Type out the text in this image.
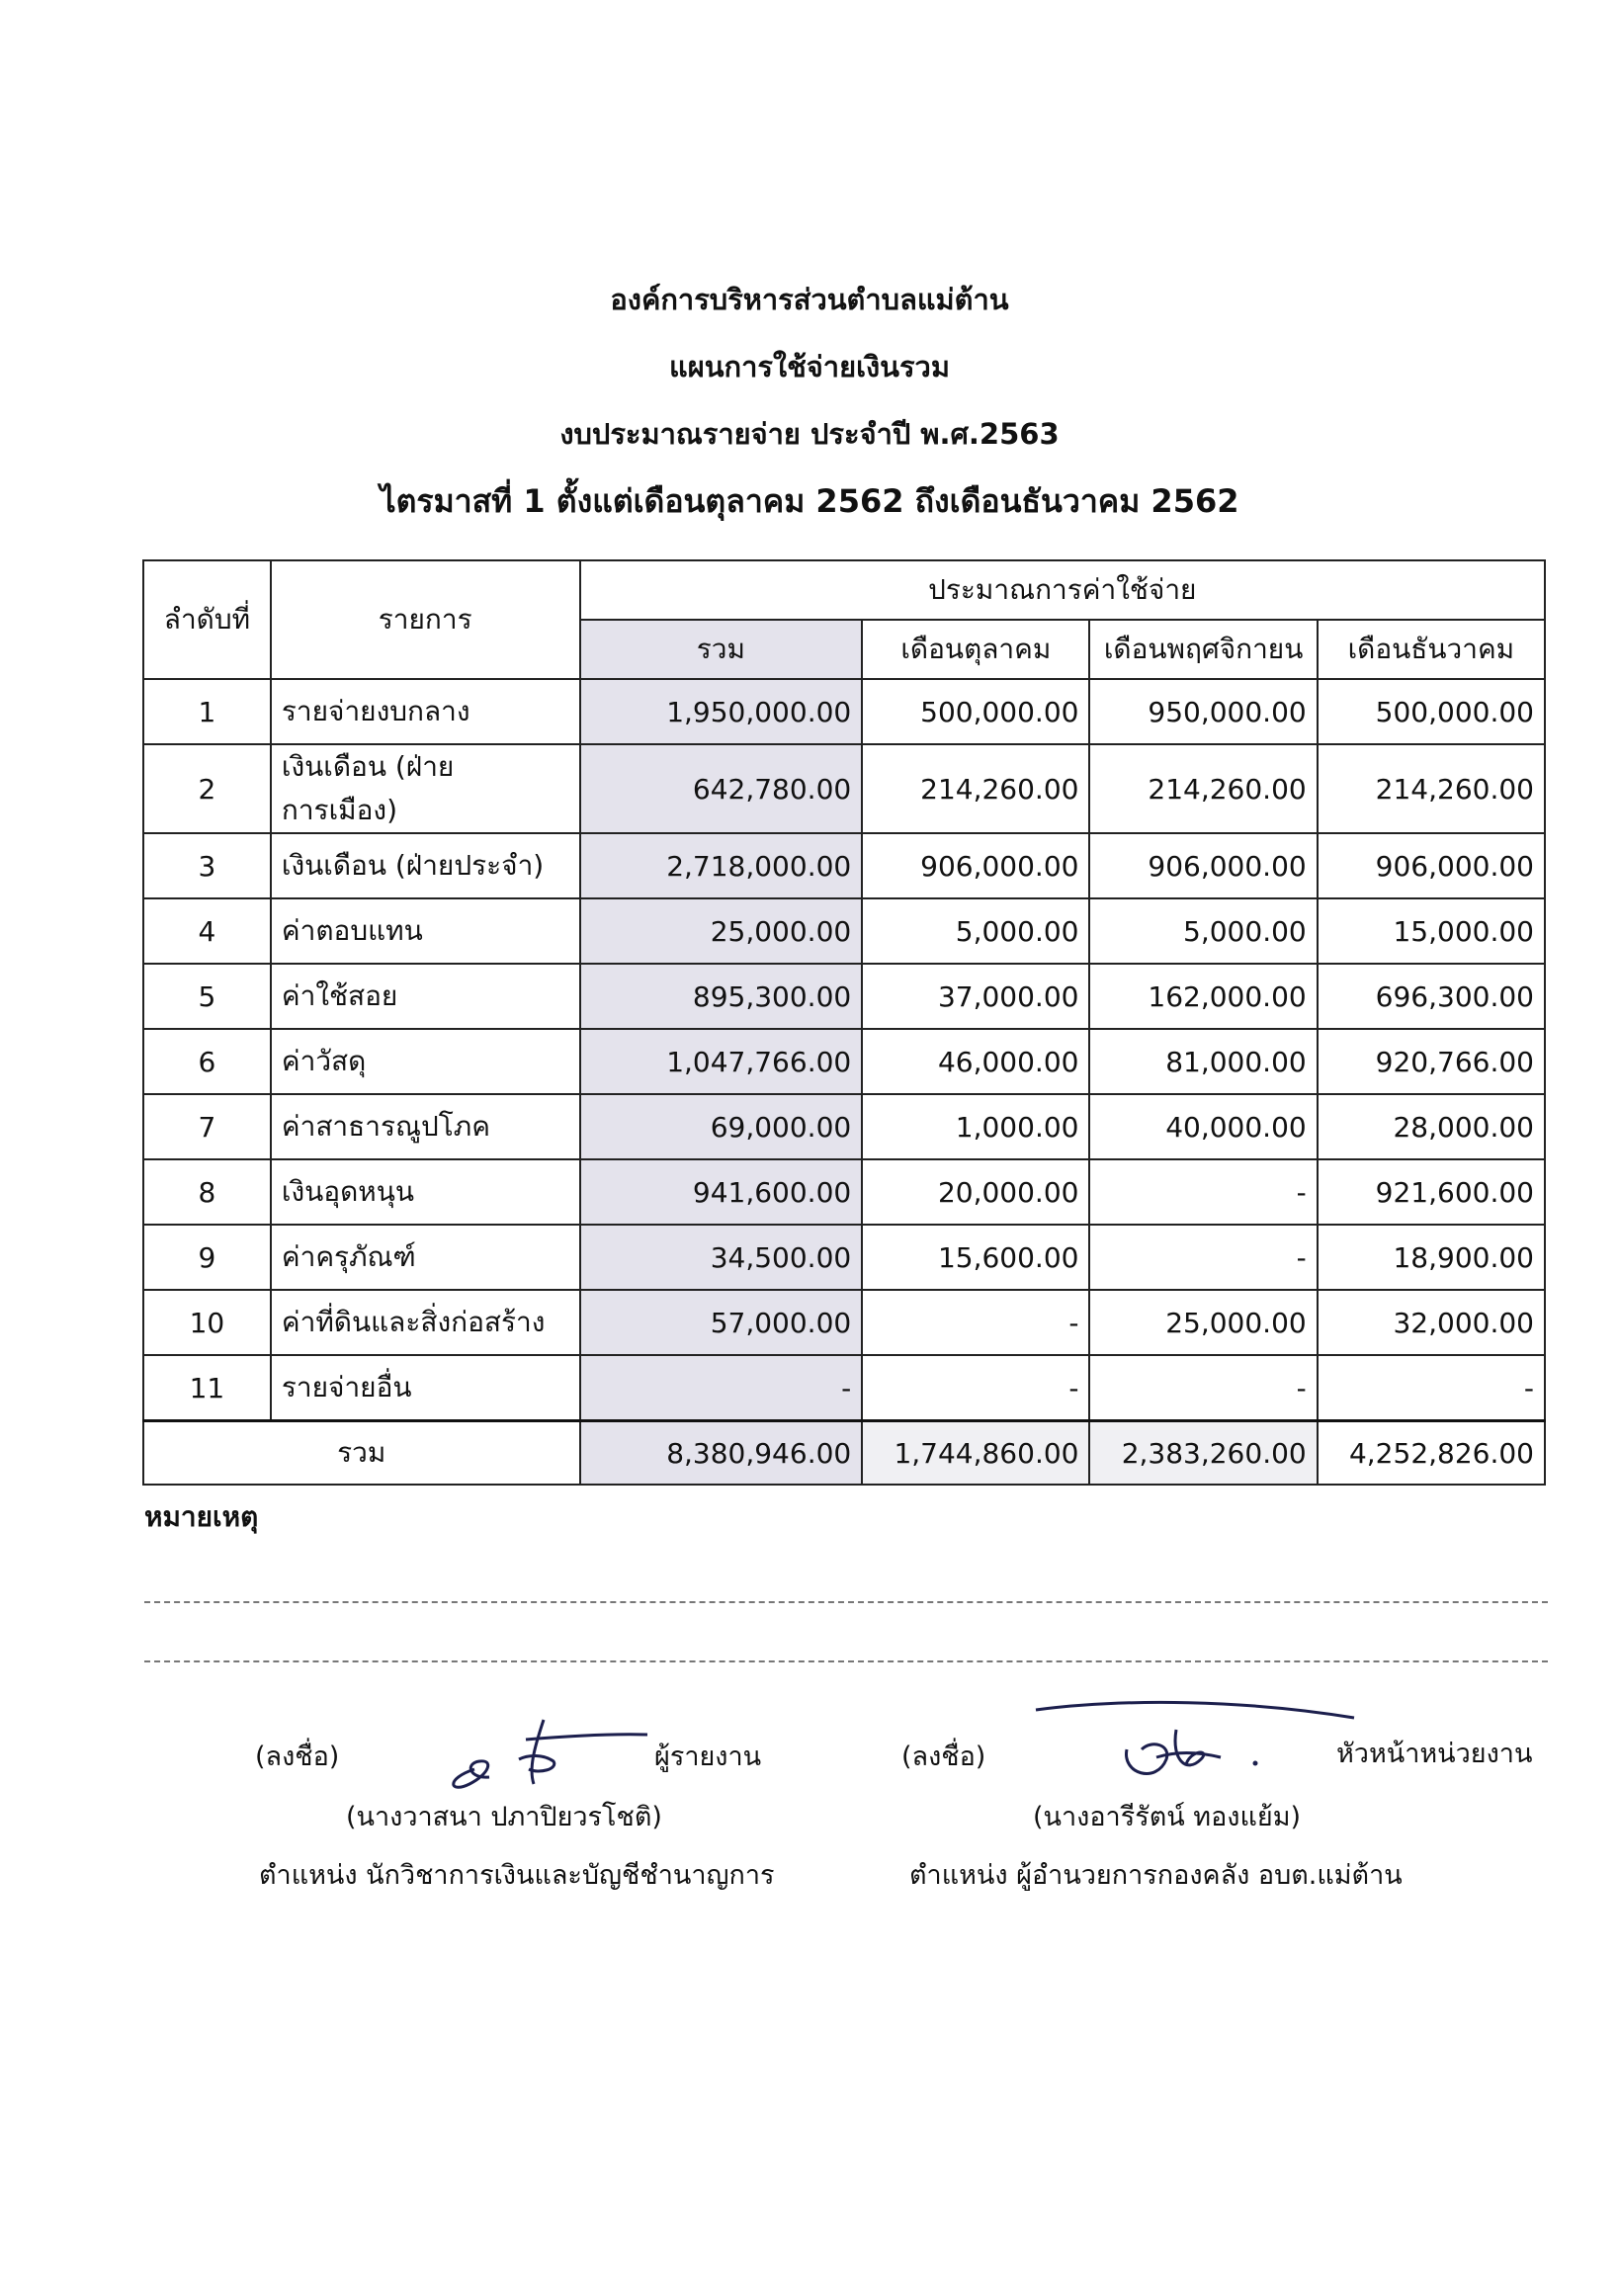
องค์การบริหารส่วนตำบลแม่ต้าน
แผนการใช้จ่ายเงินรวม
งบประมาณรายจ่าย ประจำปี พ.ศ.2563
ไตรมาสที่ 1 ตั้งแต่เดือนตุลาคม 2562 ถึงเดือนธันวาคม 2562
ลำดับที่	รายการ	ประมาณการค่าใช้จ่าย			
		รวม	เดือนตุลาคม	เดือนพฤศจิกายน	เดือนธันวาคม
1	รายจ่ายงบกลาง	1,950,000.00	500,000.00	950,000.00	500,000.00
2	เงินเดือน (ฝ่ายการเมือง)	642,780.00	214,260.00	214,260.00	214,260.00
3	เงินเดือน (ฝ่ายประจำ)	2,718,000.00	906,000.00	906,000.00	906,000.00
4	ค่าตอบแทน	25,000.00	5,000.00	5,000.00	15,000.00
5	ค่าใช้สอย	895,300.00	37,000.00	162,000.00	696,300.00
6	ค่าวัสดุ	1,047,766.00	46,000.00	81,000.00	920,766.00
7	ค่าสาธารณูปโภค	69,000.00	1,000.00	40,000.00	28,000.00
8	เงินอุดหนุน	941,600.00	20,000.00	-	921,600.00
9	ค่าครุภัณฑ์	34,500.00	15,600.00	-	18,900.00
10	ค่าที่ดินและสิ่งก่อสร้าง	57,000.00	-	25,000.00	32,000.00
11	รายจ่ายอื่น	-	-	-	-
รวม		8,380,946.00	1,744,860.00	2,383,260.00	4,252,826.00
หมายเหตุ
(ลงชื่อ)	ผู้รายงาน
(นางวาสนา ปภาปิยวรโชติ)
ตำแหน่ง นักวิชาการเงินและบัญชีชำนาญการ
(ลงชื่อ)	หัวหน้าหน่วยงาน
(นางอารีรัตน์ ทองแย้ม)
ตำแหน่ง ผู้อำนวยการกองคลัง อบต.แม่ต้าน
